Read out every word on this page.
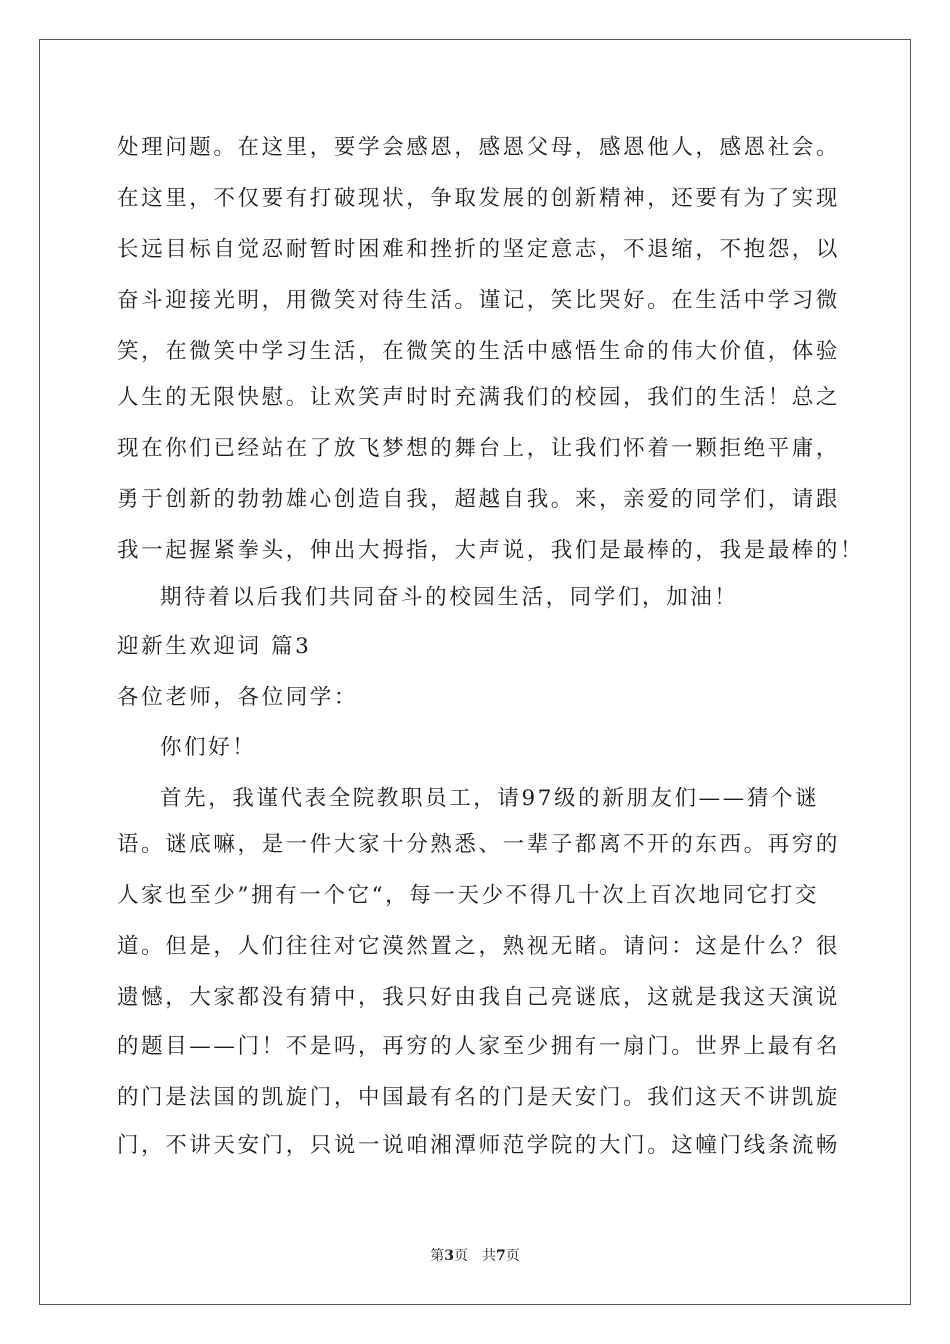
处理问题。在这里，要学会感恩，感恩父母，感恩他人，感恩社会。
在这里，不仅要有打破现状，争取发展的创新精神，还要有为了实现
长远目标自觉忍耐暂时困难和挫折的坚定意志，不退缩，不抱怨，以
奋斗迎接光明，用微笑对待生活。谨记，笑比哭好。在生活中学习微
笑，在微笑中学习生活，在微笑的生活中感悟生命的伟大价值，体验
人生的无限快慰。让欢笑声时时充满我们的校园，我们的生活！总之
现在你们已经站在了放飞梦想的舞台上，让我们怀着一颗拒绝平庸，
勇于创新的勃勃雄心创造自我，超越自我。来，亲爱的同学们，请跟
我一起握紧拳头，伸出大拇指，大声说，我们是最棒的，我是最棒的！
期待着以后我们共同奋斗的校园生活，同学们，加油！
迎新生欢迎词 篇3
各位老师，各位同学：
你们好！
首先，我谨代表全院教职员工，请97级的新朋友们——猜个谜
语。谜底嘛，是一件大家十分熟悉、一辈子都离不开的东西。再穷的
人家也至少”拥有一个它“，每一天少不得几十次上百次地同它打交
道。但是，人们往往对它漠然置之，熟视无睹。请问：这是什么？很
遗憾，大家都没有猜中，我只好由我自己亮谜底，这就是我这天演说
的题目——门！不是吗，再穷的人家至少拥有一扇门。世界上最有名
的门是法国的凯旋门，中国最有名的门是天安门。我们这天不讲凯旋
门，不讲天安门，只说一说咱湘潭师范学院的大门。这幢门线条流畅
第3页　共7页
